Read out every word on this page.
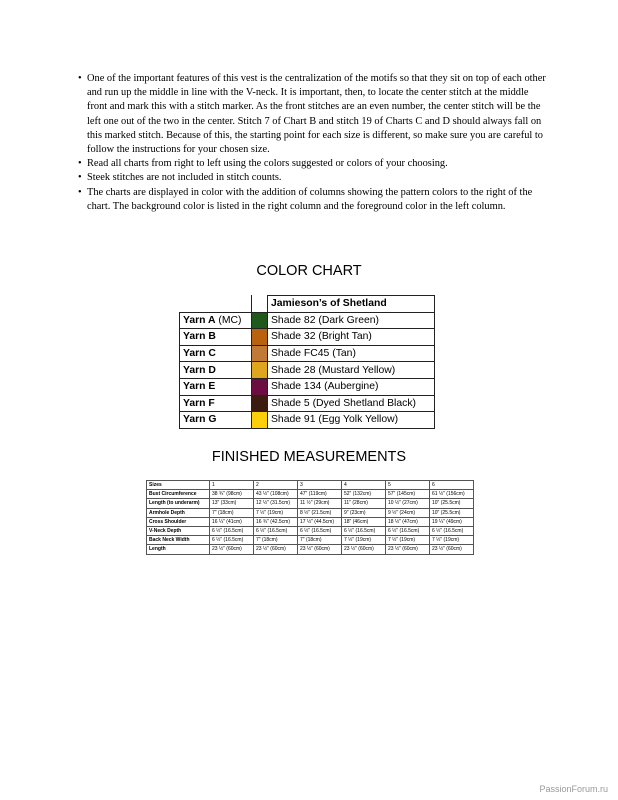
• One of the important features of this vest is the centralization of the motifs so that they sit on top of each other and run up the middle in line with the V-neck. It is important, then, to locate the center stitch at the middle front and mark this with a stitch marker. As the front stitches are an even number, the center stitch will be the left one out of the two in the center. Stitch 7 of Chart B and stitch 19 of Charts C and D should always fall on this marked stitch. Because of this, the starting point for each size is different, so make sure you are careful to follow the instructions for your chosen size.
• Read all charts from right to left using the colors suggested or colors of your choosing.
• Steek stitches are not included in stitch counts.
• The charts are displayed in color with the addition of columns showing the pattern colors to the right of the chart. The background color is listed in the right column and the foreground color in the left column.
COLOR CHART
		Jamieson’s of Shetland
Yarn A (MC)		Shade 82 (Dark Green)
Yarn B		Shade 32 (Bright Tan)
Yarn C		Shade FC45 (Tan)
Yarn D		Shade 28 (Mustard Yellow)
Yarn E		Shade 134 (Aubergine)
Yarn F		Shade 5 (Dyed Shetland Black)
Yarn G		Shade 91 (Egg Yolk Yellow)
FINISHED MEASUREMENTS
Sizes	1	2	3	4	5	6
Bust Circumference	38 ¾" (98cm)	43 ½" (108cm)	47" (119cm)	52" (132cm)	57" (145cm)	61 ½" (156cm)
Length (to underarm)	13" (33cm)	12 ½" (31.5cm)	11 ½" (29cm)	11" (28cm)	10 ½" (27cm)	10" (25.5cm)
Armhole Depth	7" (18cm)	7 ½" (19cm)	8 ½" (21.5cm)	9" (23cm)	9 ½" (24cm)	10" (25.5cm)
Cross Shoulder	16 ¼" (41cm)	16 ¾" (42.5cm)	17 ½" (44.5cm)	18" (46cm)	18 ½" (47cm)	19 ¼" (49cm)
V-Neck Depth	6 ½" (16.5cm)	6 ½" (16.5cm)	6 ½" (16.5cm)	6 ½" (16.5cm)	6 ½" (16.5cm)	6 ½" (16.5cm)
Back Neck Width	6 ½" (16.5cm)	7" (18cm)	7" (18cm)	7 ½" (19cm)	7 ½" (19cm)	7 ½" (19cm)
Length	23 ½" (60cm)	23 ½" (60cm)	23 ½" (60cm)	23 ½" (60cm)	23 ½" (60cm)	23 ½" (60cm)
PassionForum.ru
